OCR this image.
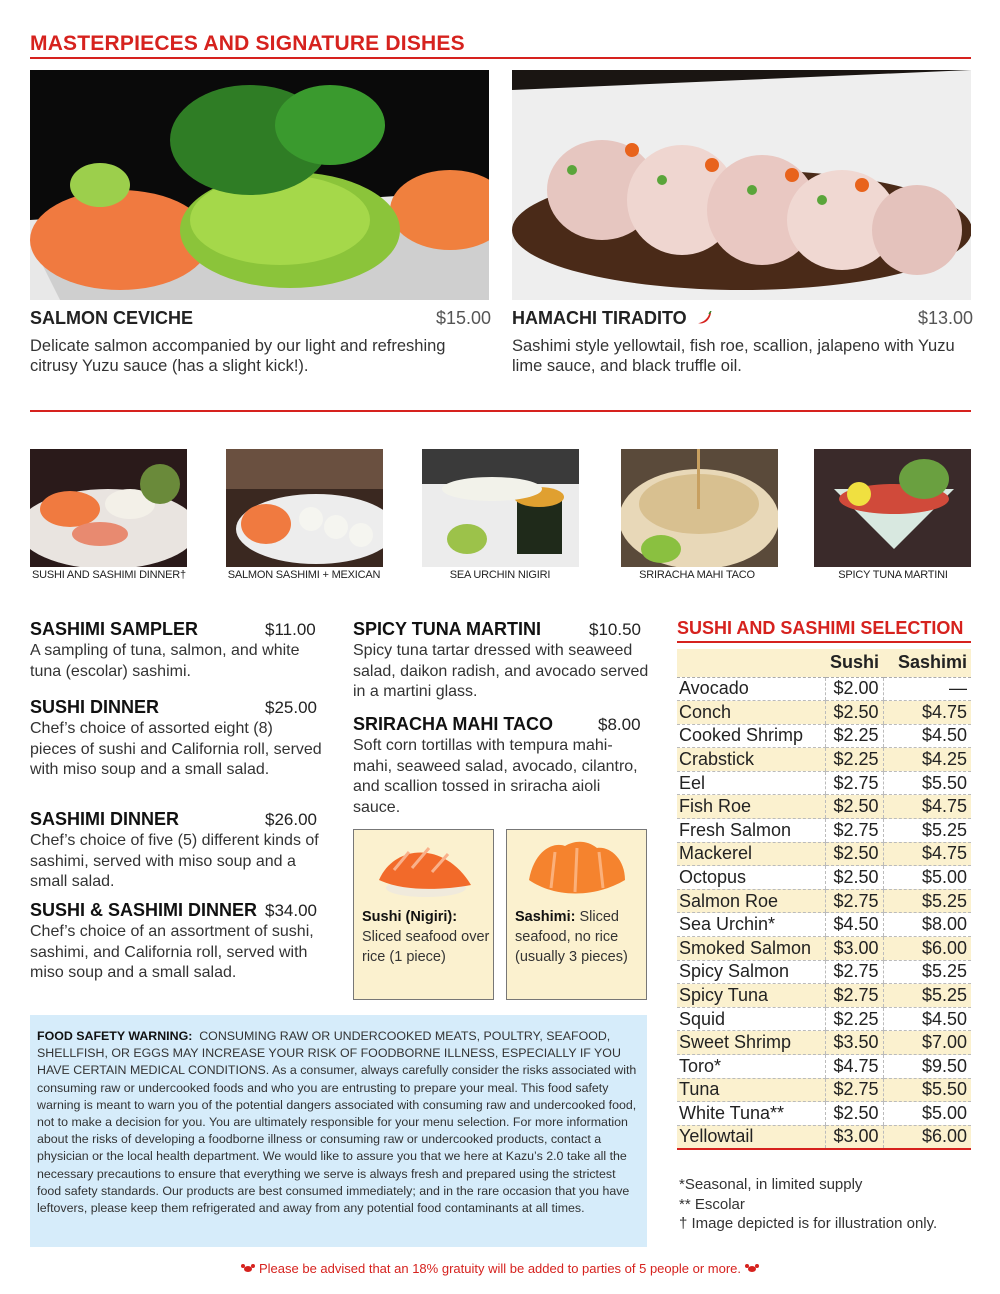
MASTERPIECES AND SIGNATURE DISHES
SALMON CEVICHE	$15.00
Delicate salmon accompanied by our light and refreshing citrusy Yuzu sauce (has a slight kick!).
HAMACHI TIRADITO	$13.00
Sashimi style yellowtail, fish roe, scallion, jalapeno with Yuzu lime sauce, and black truffle oil.
SUSHI AND SASHIMI DINNER†	SALMON SASHIMI + MEXICAN	SEA URCHIN NIGIRI	SRIRACHA MAHI TACO	SPICY TUNA MARTINI
SASHIMI SAMPLER	$11.00
A sampling of tuna, salmon, and white tuna (escolar) sashimi.
SUSHI DINNER	$25.00
Chef’s choice of assorted eight (8) pieces of sushi and California roll, served with miso soup and a small salad.
SASHIMI DINNER	$26.00
Chef’s choice of five (5) different kinds of sashimi, served with miso soup and a small salad.
SUSHI & SASHIMI DINNER $34.00
Chef’s choice of an assortment of sushi, sashimi, and California roll, served with miso soup and a small salad.
SPICY TUNA MARTINI	$10.50
Spicy tuna tartar dressed with seaweed salad, daikon radish, and avocado served in a martini glass.
SRIRACHA MAHI TACO	$8.00
Soft corn tortillas with tempura mahi-mahi, seaweed salad, avocado, cilantro, and scallion tossed in sriracha aioli sauce.
Sushi (Nigiri): Sliced seafood over rice (1 piece)
Sashimi: Sliced seafood, no rice (usually 3 pieces)
SUSHI AND SASHIMI SELECTION
	Sushi	Sashimi
Avocado	$2.00	—
Conch	$2.50	$4.75
Cooked Shrimp	$2.25	$4.50
Crabstick	$2.25	$4.25
Eel	$2.75	$5.50
Fish Roe	$2.50	$4.75
Fresh Salmon	$2.75	$5.25
Mackerel	$2.50	$4.75
Octopus	$2.50	$5.00
Salmon Roe	$2.75	$5.25
Sea Urchin*	$4.50	$8.00
Smoked Salmon	$3.00	$6.00
Spicy Salmon	$2.75	$5.25
Spicy Tuna	$2.75	$5.25
Squid	$2.25	$4.50
Sweet Shrimp	$3.50	$7.00
Toro*	$4.75	$9.50
Tuna	$2.75	$5.50
White Tuna**	$2.50	$5.00
Yellowtail	$3.00	$6.00
*Seasonal, in limited supply
** Escolar
† Image depicted is for illustration only.
FOOD SAFETY WARNING: CONSUMING RAW OR UNDERCOOKED MEATS, POULTRY, SEAFOOD, SHELLFISH, OR EGGS MAY INCREASE YOUR RISK OF FOODBORNE ILLNESS, ESPECIALLY IF YOU HAVE CERTAIN MEDICAL CONDITIONS. As a consumer, always carefully consider the risks associated with consuming raw or undercooked foods and who you are entrusting to prepare your meal. This food safety warning is meant to warn you of the potential dangers associated with consuming raw and undercooked food, not to make a decision for you. You are ultimately responsible for your menu selection. For more information about the risks of developing a foodborne illness or consuming raw or undercooked products, contact a physician or the local health department. We would like to assure you that we here at Kazu’s 2.0 take all the necessary precautions to ensure that everything we serve is always fresh and prepared using the strictest food safety standards. Our products are best consumed immediately; and in the rare occasion that you have leftovers, please keep them refrigerated and away from any potential food contaminants at all times.
Please be advised that an 18% gratuity will be added to parties of 5 people or more.
